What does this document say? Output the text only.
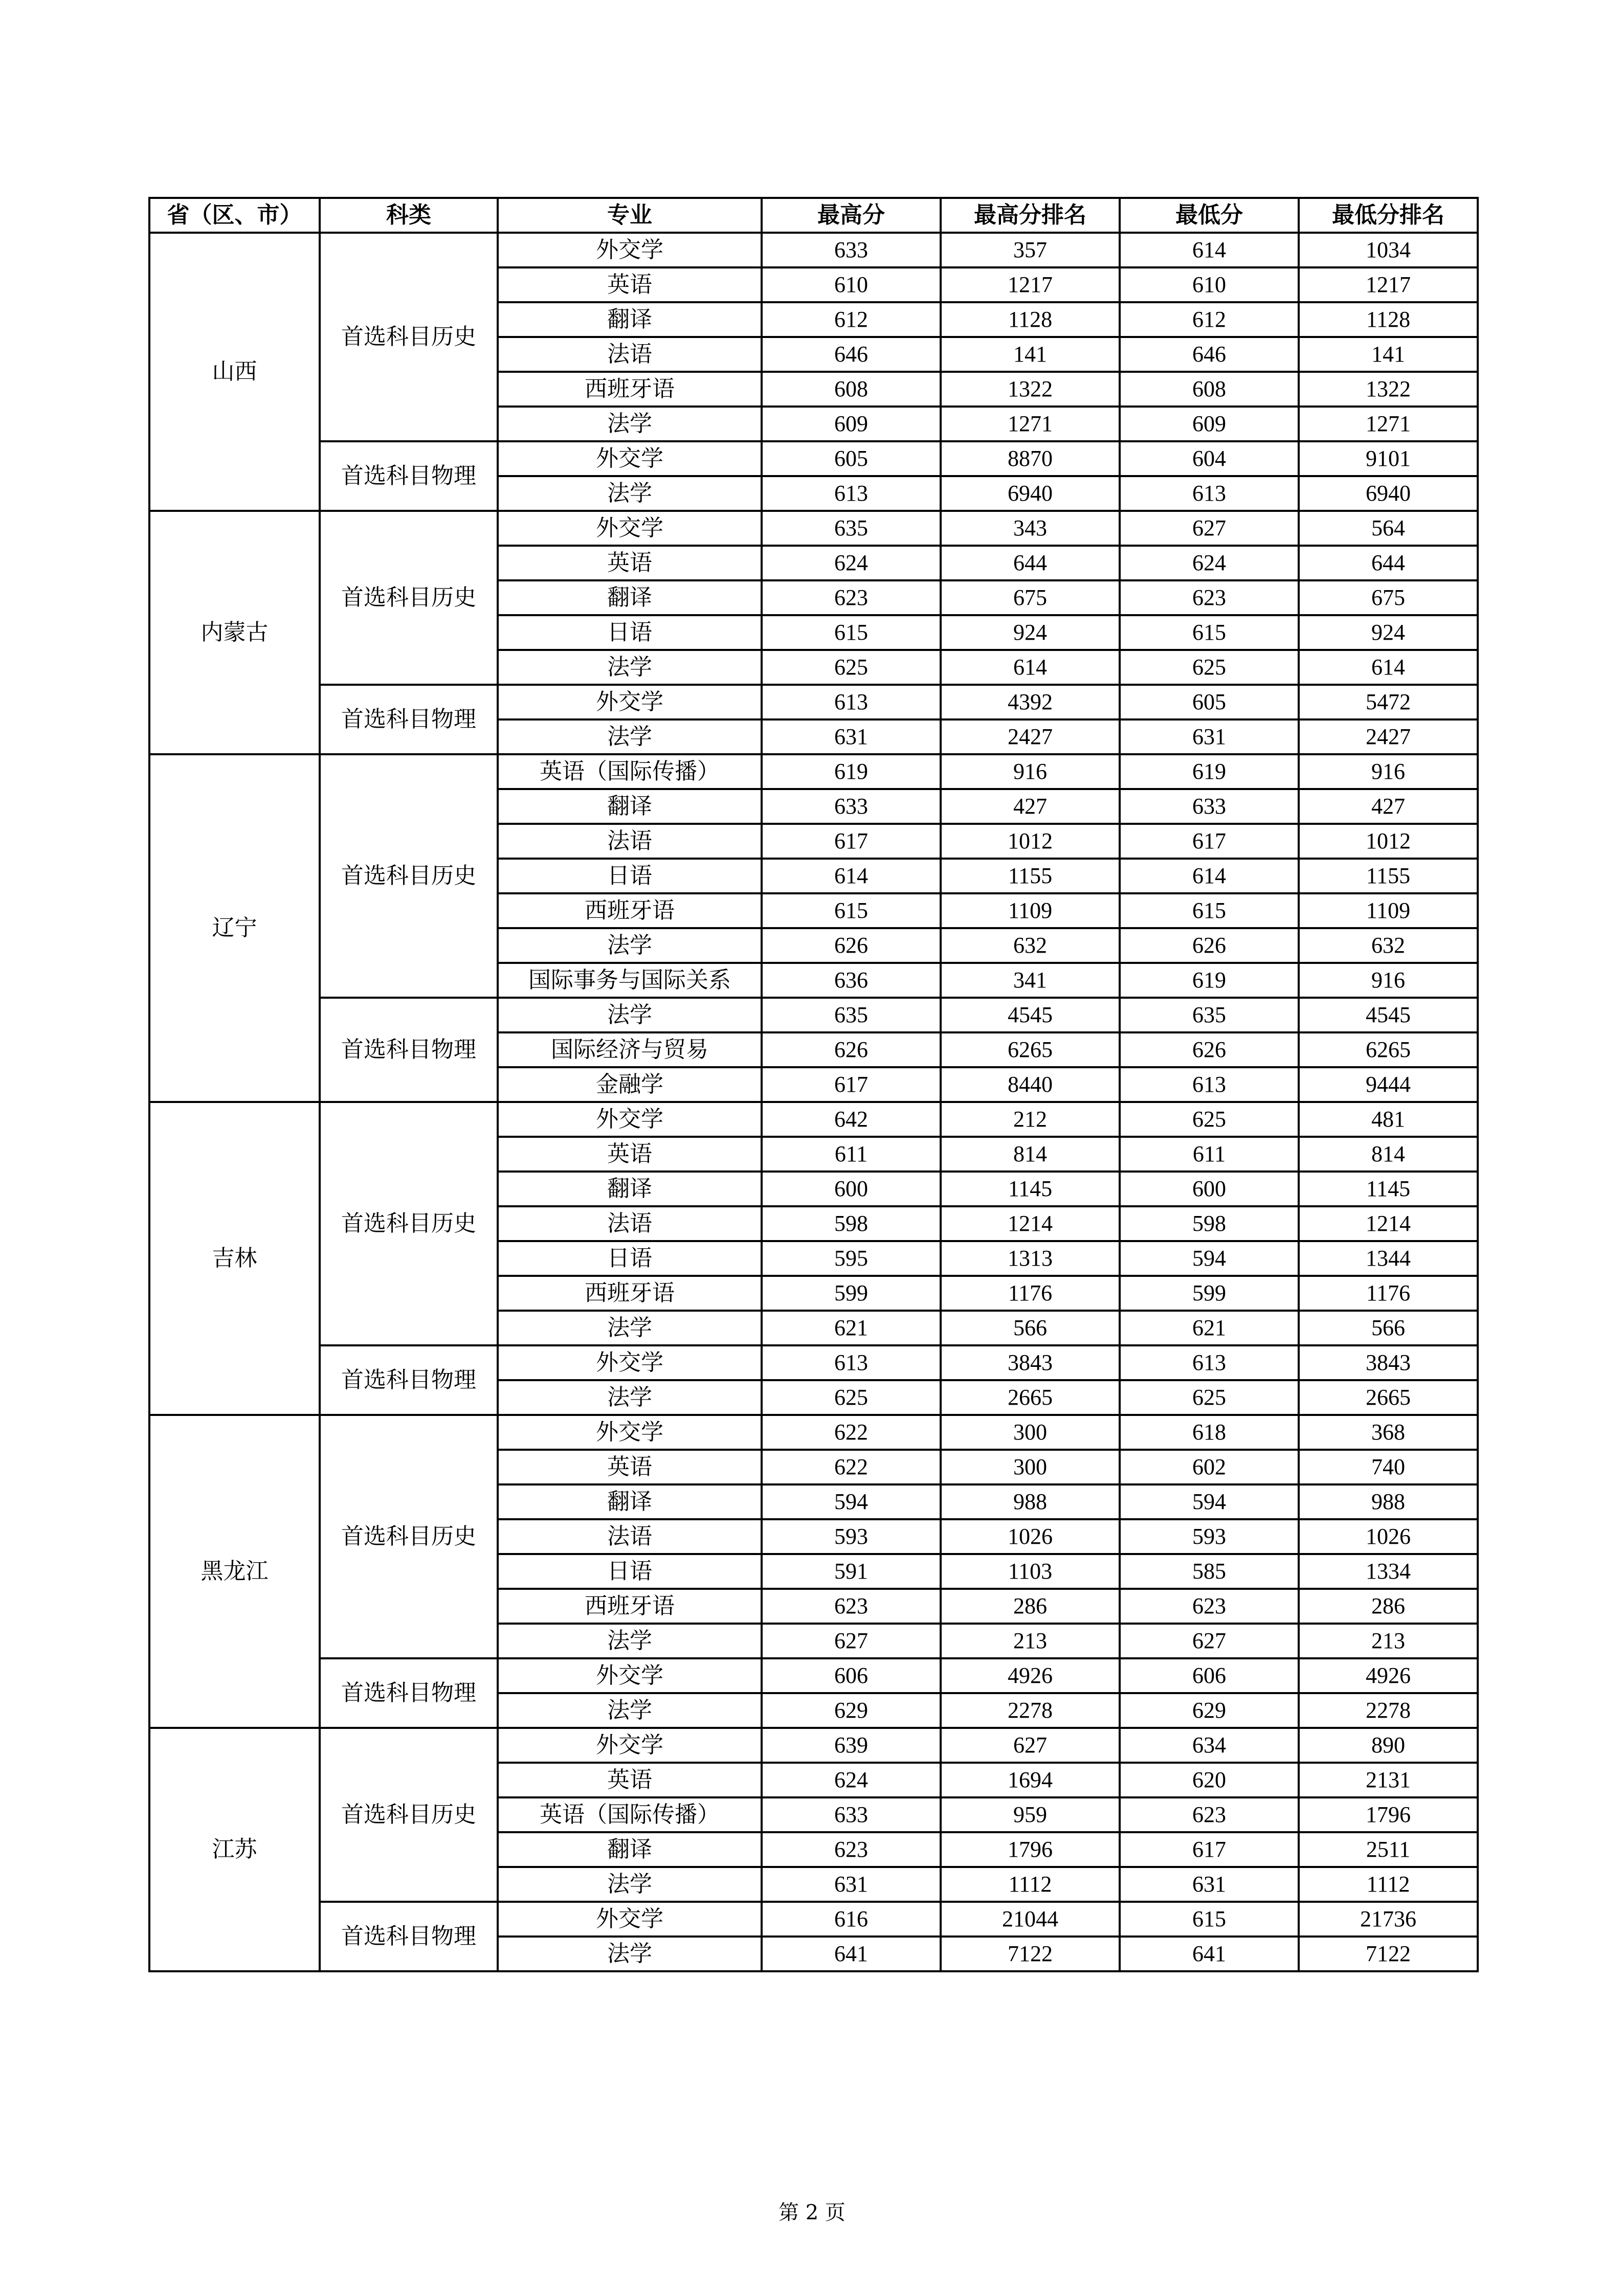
省（区、市）	科类	专业	最高分	最高分排名	最低分	最低分排名
山西	首选科目历史	外交学	633	357	614	1034
		英语	610	1217	610	1217
		翻译	612	1128	612	1128
		法语	646	141	646	141
		西班牙语	608	1322	608	1322
		法学	609	1271	609	1271
	首选科目物理	外交学	605	8870	604	9101
		法学	613	6940	613	6940
内蒙古	首选科目历史	外交学	635	343	627	564
		英语	624	644	624	644
		翻译	623	675	623	675
		日语	615	924	615	924
		法学	625	614	625	614
	首选科目物理	外交学	613	4392	605	5472
		法学	631	2427	631	2427
辽宁	首选科目历史	英语（国际传播）	619	916	619	916
		翻译	633	427	633	427
		法语	617	1012	617	1012
		日语	614	1155	614	1155
		西班牙语	615	1109	615	1109
		法学	626	632	626	632
		国际事务与国际关系	636	341	619	916
	首选科目物理	法学	635	4545	635	4545
		国际经济与贸易	626	6265	626	6265
		金融学	617	8440	613	9444
吉林	首选科目历史	外交学	642	212	625	481
		英语	611	814	611	814
		翻译	600	1145	600	1145
		法语	598	1214	598	1214
		日语	595	1313	594	1344
		西班牙语	599	1176	599	1176
		法学	621	566	621	566
	首选科目物理	外交学	613	3843	613	3843
		法学	625	2665	625	2665
黑龙江	首选科目历史	外交学	622	300	618	368
		英语	622	300	602	740
		翻译	594	988	594	988
		法语	593	1026	593	1026
		日语	591	1103	585	1334
		西班牙语	623	286	623	286
		法学	627	213	627	213
	首选科目物理	外交学	606	4926	606	4926
		法学	629	2278	629	2278
江苏	首选科目历史	外交学	639	627	634	890
		英语	624	1694	620	2131
		英语（国际传播）	633	959	623	1796
		翻译	623	1796	617	2511
		法学	631	1112	631	1112
	首选科目物理	外交学	616	21044	615	21736
		法学	641	7122	641	7122
第 2 页
